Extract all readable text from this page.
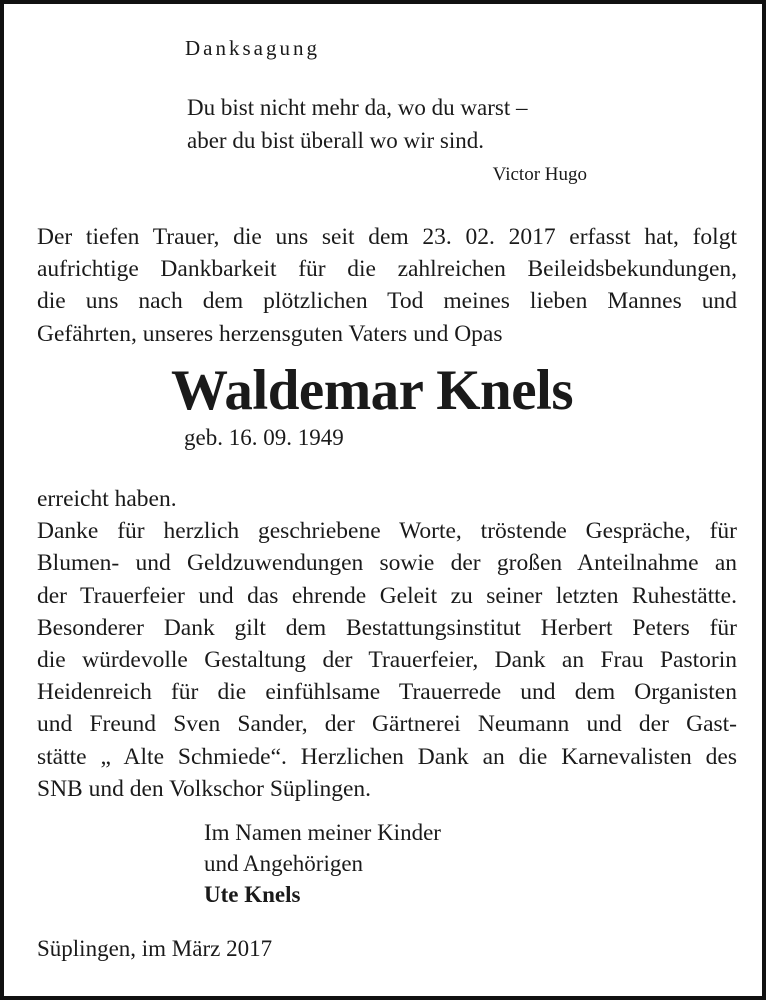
Danksagung
Du bist nicht mehr da, wo du warst –
aber du bist überall wo wir sind.
Victor Hugo
Der tiefen Trauer, die uns seit dem 23. 02. 2017 erfasst hat, folgt
aufrichtige Dankbarkeit für die zahlreichen Beileidsbekundungen,
die uns nach dem plötzlichen Tod meines lieben Mannes und
Gefährten, unseres herzensguten Vaters und Opas
Waldemar Knels
geb. 16. 09. 1949
erreicht haben.
Danke für herzlich geschriebene Worte, tröstende Gespräche, für
Blumen- und Geldzuwendungen sowie der großen Anteilnahme an
der Trauerfeier und das ehrende Geleit zu seiner letzten Ruhestätte.
Besonderer Dank gilt dem Bestattungsinstitut Herbert Peters für
die würdevolle Gestaltung der Trauerfeier, Dank an Frau Pastorin
Heidenreich für die einfühlsame Trauerrede und dem Organisten
und Freund Sven Sander, der Gärtnerei Neumann und der Gast-
stätte „ Alte Schmiede“. Herzlichen Dank an die Karnevalisten des
SNB und den Volkschor Süplingen.
Im Namen meiner Kinder
und Angehörigen
Ute Knels
Süplingen, im März 2017
